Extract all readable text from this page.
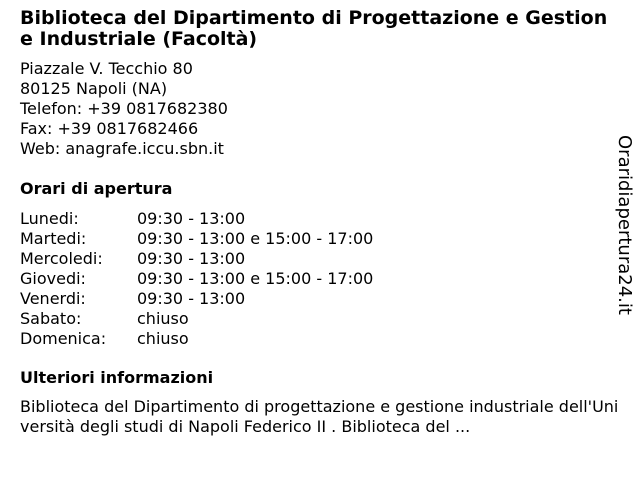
Biblioteca del Dipartimento di Progettazione e Gestione Industriale (Facoltà)
Piazzale V. Tecchio 80
80125 Napoli (NA)
Telefon: +39 0817682380
Fax: +39 0817682466
Web: anagrafe.iccu.sbn.it
Orari di apertura
Lunedi:	09:30 - 13:00
Martedi:	09:30 - 13:00 e 15:00 - 17:00
Mercoledi:	09:30 - 13:00
Giovedi:	09:30 - 13:00 e 15:00 - 17:00
Venerdi:	09:30 - 13:00
Sabato:	chiuso
Domenica:	chiuso
Ulteriori informazioni
Biblioteca del Dipartimento di progettazione e gestione industriale dell'Università degli studi di Napoli Federico II . Biblioteca del ...
Oraridiapertura24.it
